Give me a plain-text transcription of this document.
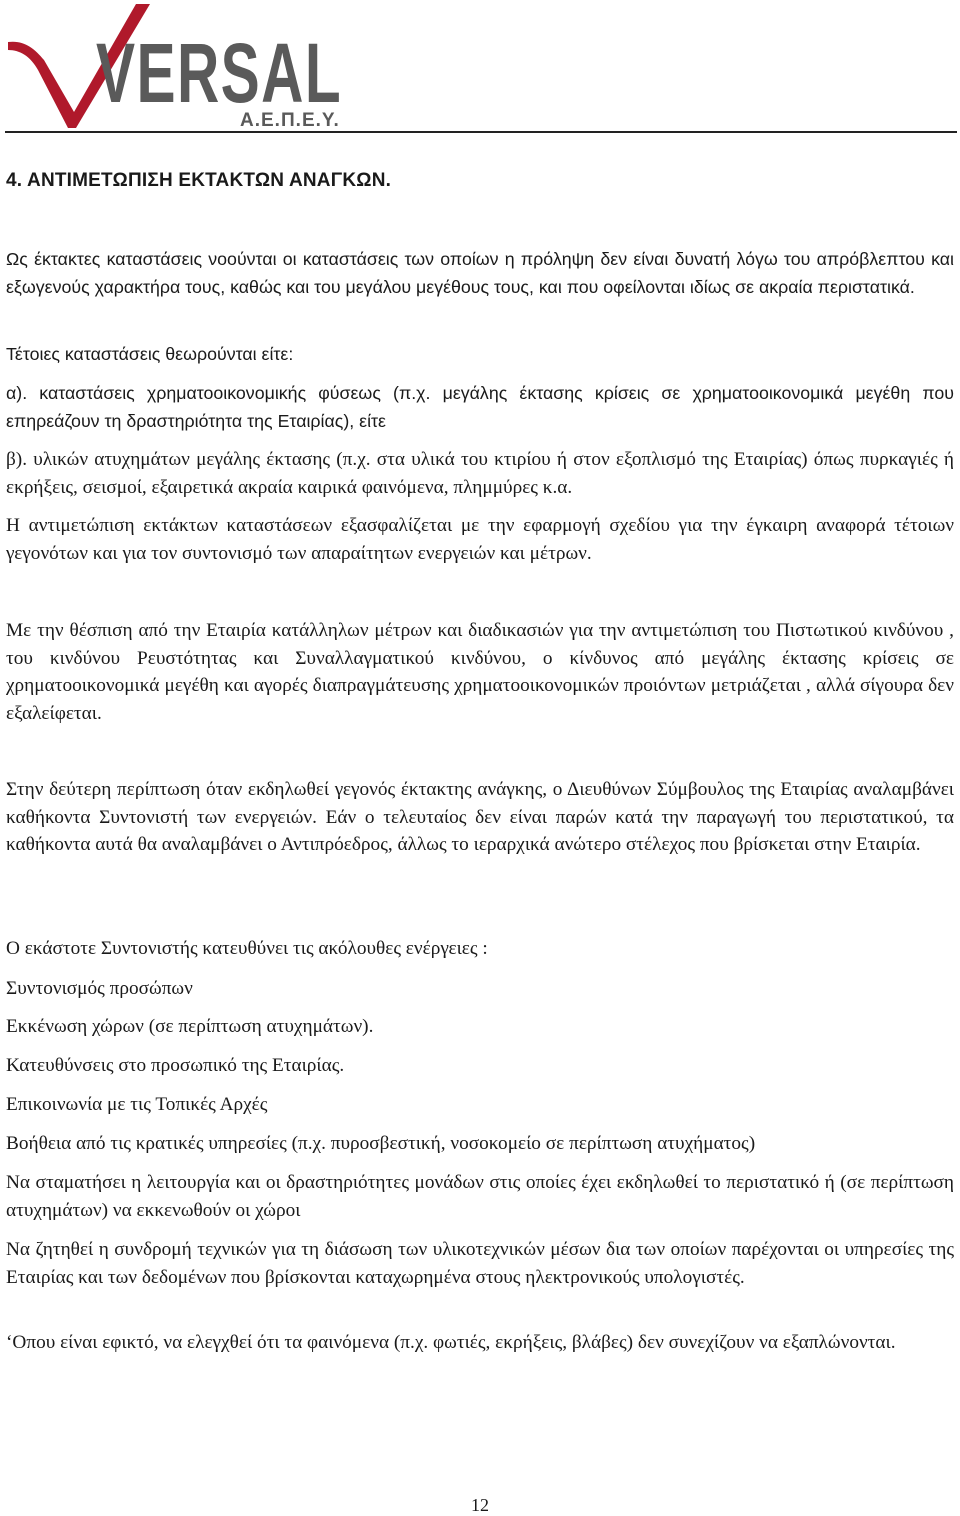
VERSAL
Α.Ε.Π.Ε.Υ.
4. ΑΝΤΙΜΕΤΩΠΙΣΗ ΕΚΤΑΚΤΩΝ ΑΝΑΓΚΩΝ.

Ως έκτακτες καταστάσεις νοούνται οι καταστάσεις των οποίων η πρόληψη δεν είναι δυνατή λόγω του απρόβλεπτου και εξωγενούς χαρακτήρα τους, καθώς και του μεγάλου μεγέθους τους, και που οφείλονται ιδίως σε ακραία περιστατικά.

Τέτοιες καταστάσεις θεωρούνται είτε:

α). καταστάσεις χρηματοοικονομικής φύσεως (π.χ. μεγάλης έκτασης κρίσεις σε χρηματοοικονομικά μεγέθη που επηρεάζουν τη δραστηριότητα της Εταιρίας), είτε

β). υλικών ατυχημάτων μεγάλης έκτασης (π.χ. στα υλικά του κτιρίου ή στον εξοπλισμό της Εταιρίας) όπως πυρκαγιές ή εκρήξεις, σεισμοί, εξαιρετικά ακραία καιρικά φαινόμενα, πλημμύρες κ.α.

Η αντιμετώπιση εκτάκτων καταστάσεων εξασφαλίζεται με την εφαρμογή σχεδίου για την έγκαιρη αναφορά τέτοιων γεγονότων και για τον συντονισμό των απαραίτητων ενεργειών και μέτρων.

Με την θέσπιση από την Εταιρία κατάλληλων μέτρων και διαδικασιών για την αντιμετώπιση του Πιστωτικού κινδύνου , του κινδύνου Ρευστότητας και Συναλλαγματικού κινδύνου, ο κίνδυνος από μεγάλης έκτασης κρίσεις σε χρηματοοικονομικά μεγέθη και αγορές διαπραγμάτευσης χρηματοοικονομικών προιόντων μετριάζεται , αλλά σίγουρα δεν εξαλείφεται.

Στην δεύτερη περίπτωση όταν εκδηλωθεί γεγονός έκτακτης ανάγκης, ο Διευθύνων Σύμβουλος της Εταιρίας αναλαμβάνει καθήκοντα Συντονιστή των ενεργειών. Εάν ο τελευταίος δεν είναι παρών κατά την παραγωγή του περιστατικού, τα καθήκοντα αυτά θα αναλαμβάνει ο Αντιπρόεδρος, άλλως το ιεραρχικά ανώτερο στέλεχος που βρίσκεται στην Εταιρία.

Ο εκάστοτε Συντονιστής κατευθύνει τις ακόλουθες ενέργειες :

Συντονισμός προσώπων

Εκκένωση χώρων (σε περίπτωση ατυχημάτων).

Κατευθύνσεις στο προσωπικό της Εταιρίας.

Επικοινωνία με τις Τοπικές Αρχές

Βοήθεια από τις κρατικές υπηρεσίες (π.χ. πυροσβεστική, νοσοκομείο σε περίπτωση ατυχήματος)

Να σταματήσει η λειτουργία και οι δραστηριότητες μονάδων στις οποίες έχει εκδηλωθεί το περιστατικό ή (σε περίπτωση ατυχημάτων) να εκκενωθούν οι χώροι

Να ζητηθεί η συνδρομή τεχνικών για τη διάσωση των υλικοτεχνικών μέσων δια των οποίων παρέχονται οι υπηρεσίες της Εταιρίας και των δεδομένων που βρίσκονται καταχωρημένα στους ηλεκτρονικούς υπολογιστές.

‘Οπου είναι εφικτό, να ελεγχθεί ότι τα φαινόμενα (π.χ. φωτιές, εκρήξεις, βλάβες) δεν συνεχίζουν να εξαπλώνονται.

12
